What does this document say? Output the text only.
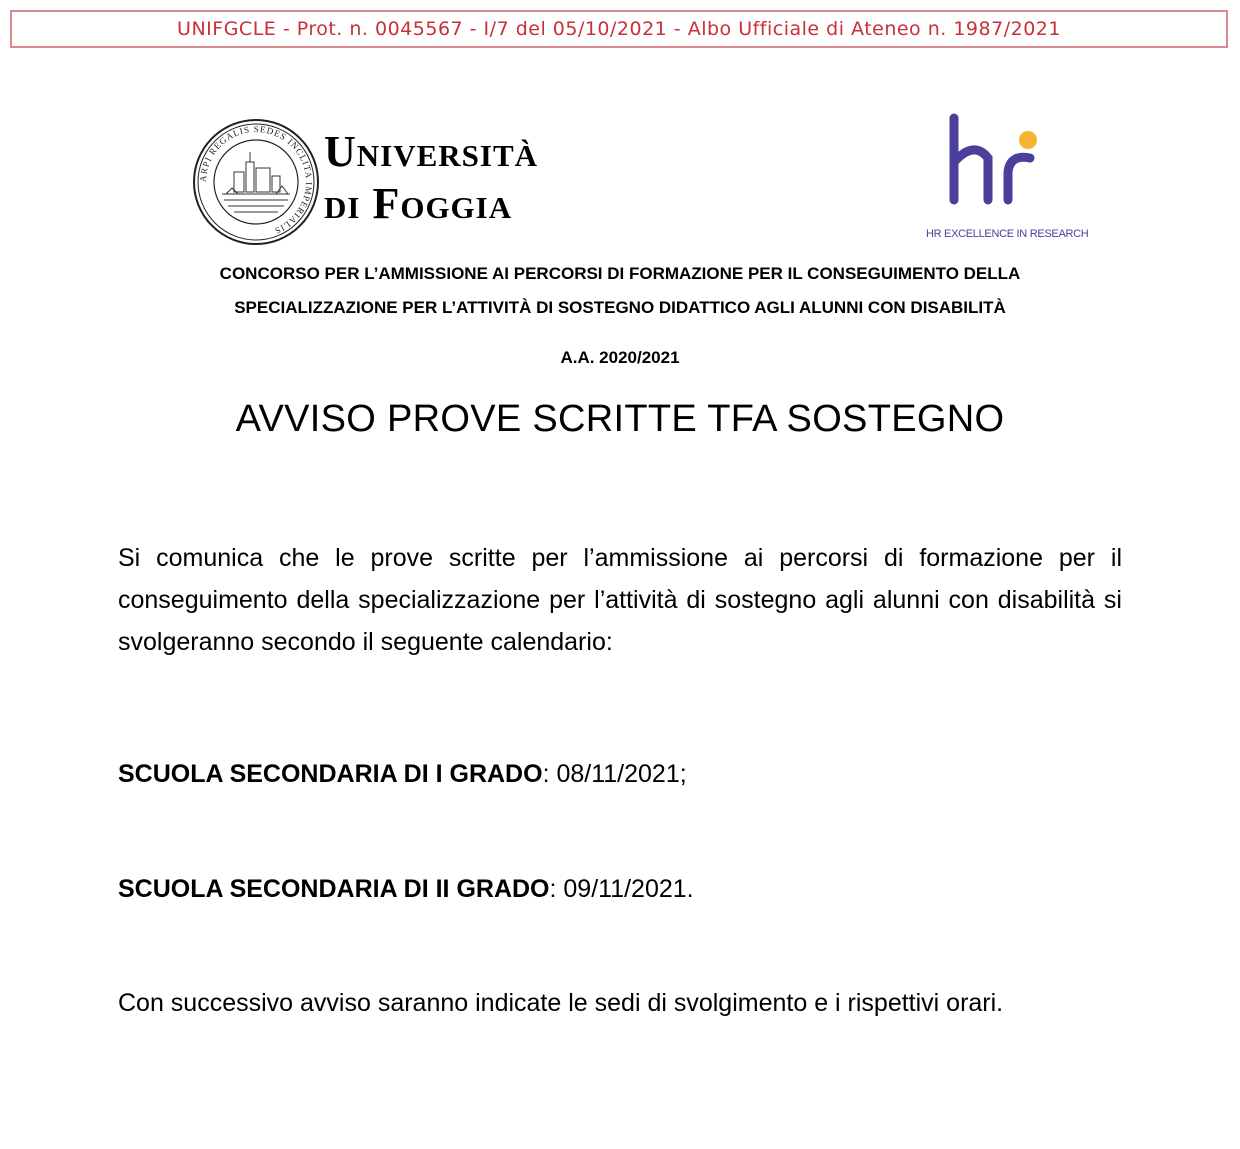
UNIFGCLE - Prot. n. 0045567 - I/7 del 05/10/2021 - Albo Ufficiale di Ateneo n. 1987/2021
ARPI REGALIS SEDES INCLITA IMPERIALIS
Università
di Foggia
HR EXCELLENCE IN RESEARCH
CONCORSO PER L’AMMISSIONE AI PERCORSI DI FORMAZIONE PER IL CONSEGUIMENTO DELLA
SPECIALIZZAZIONE PER L’ATTIVITÀ DI SOSTEGNO DIDATTICO AGLI ALUNNI CON DISABILITÀ
A.A. 2020/2021
AVVISO PROVE SCRITTE TFA SOSTEGNO
Si comunica che le prove scritte per l’ammissione ai percorsi di formazione per il conseguimento della specializzazione per l’attività di sostegno agli alunni con disabilità si svolgeranno secondo il seguente calendario:
SCUOLA SECONDARIA DI I GRADO: 08/11/2021;
SCUOLA SECONDARIA DI II GRADO: 09/11/2021.
Con successivo avviso saranno indicate le sedi di svolgimento e i rispettivi orari.
